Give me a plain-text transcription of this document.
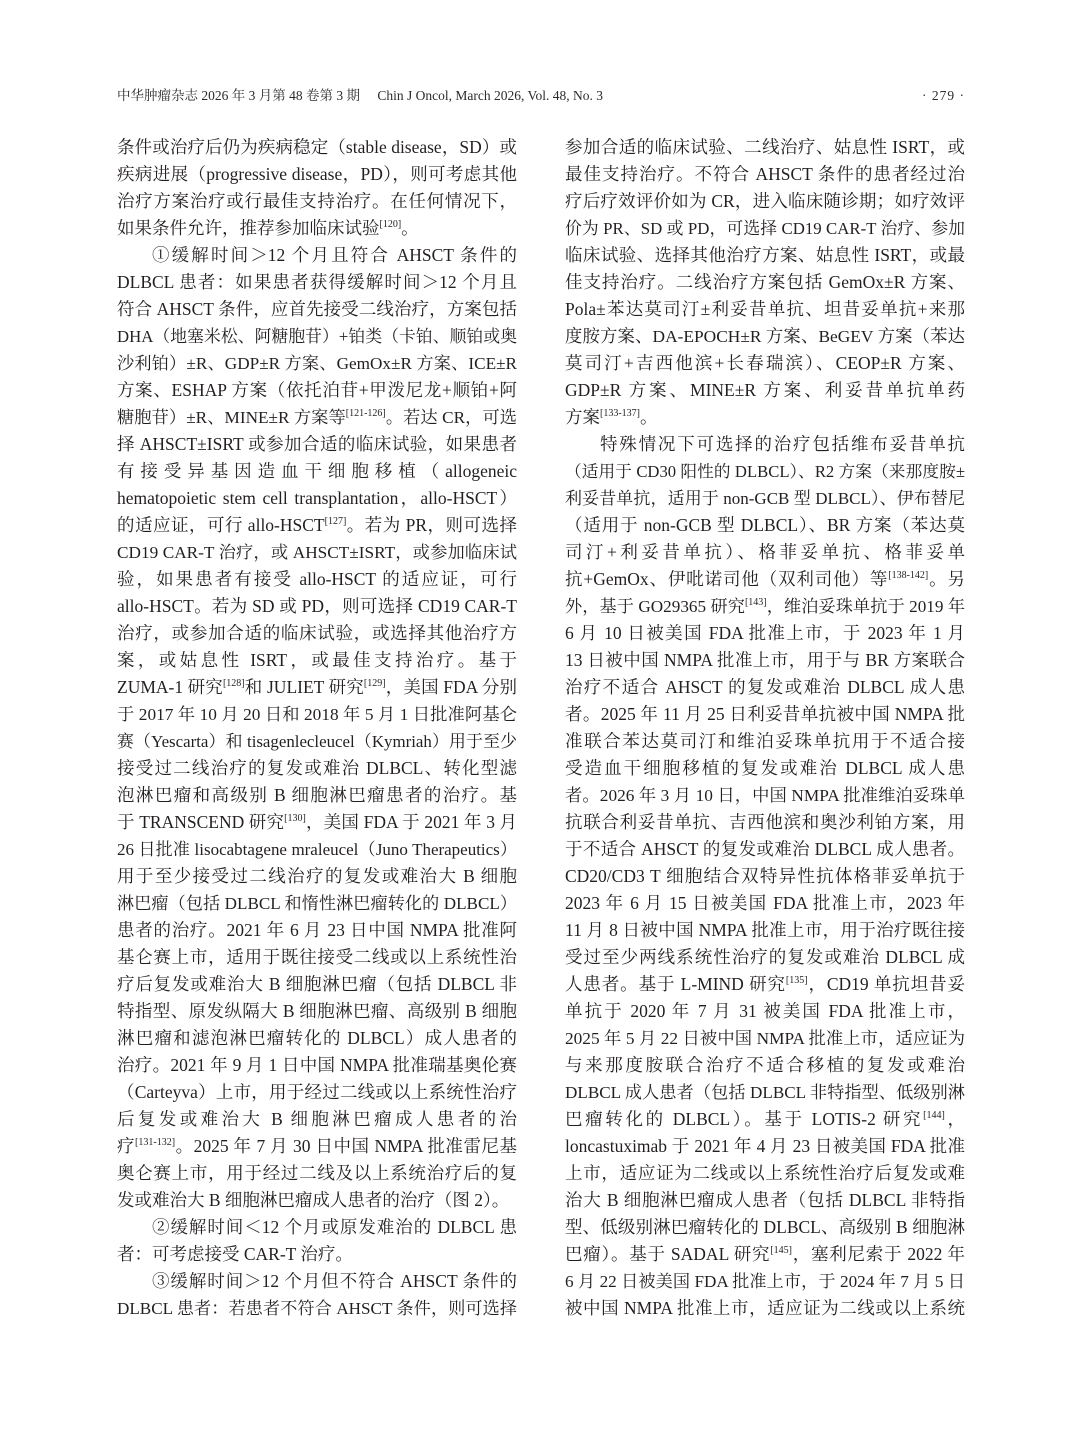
中华肿瘤杂志 2026 年 3 月第 48 卷第 3 期 Chin J Oncol, March 2026, Vol. 48, No. 3	· 279 ·
条件或治疗后仍为疾病稳定（stable disease，SD）或
疾病进展（progressive disease，PD），则可考虑其他
治疗方案治疗或行最佳支持治疗。在任何情况下，
如果条件允许，推荐参加临床试验[120]。
①缓解时间＞12 个月且符合 AHSCT 条件的
DLBCL 患者：如果患者获得缓解时间＞12 个月且
符合 AHSCT 条件，应首先接受二线治疗，方案包括
DHA（地塞米松、阿糖胞苷）+铂类（卡铂、顺铂或奥
沙利铂）±R、GDP±R 方案、GemOx±R 方案、ICE±R
方案、ESHAP 方案（依托泊苷+甲泼尼龙+顺铂+阿
糖胞苷）±R、MINE±R 方案等[121-126]。若达 CR，可选
择 AHSCT±ISRT 或参加合适的临床试验，如果患者
有接受异基因造血干细胞移植（allogeneic
hematopoietic stem cell transplantation，allo-HSCT）
的适应证，可行 allo-HSCT[127]。若为 PR，则可选择
CD19 CAR-T 治疗，或 AHSCT±ISRT，或参加临床试
验，如果患者有接受 allo-HSCT 的适应证，可行
allo-HSCT。若为 SD 或 PD，则可选择 CD19 CAR-T
治疗，或参加合适的临床试验，或选择其他治疗方
案，或姑息性 ISRT，或最佳支持治疗。基于
ZUMA-1 研究[128]和 JULIET 研究[129]，美国 FDA 分别
于 2017 年 10 月 20 日和 2018 年 5 月 1 日批准阿基仑
赛（Yescarta）和 tisagenlecleucel（Kymriah）用于至少
接受过二线治疗的复发或难治 DLBCL、转化型滤
泡淋巴瘤和高级别 B 细胞淋巴瘤患者的治疗。基
于 TRANSCEND 研究[130]，美国 FDA 于 2021 年 3 月
26 日批准 lisocabtagene mraleucel（Juno Therapeutics）
用于至少接受过二线治疗的复发或难治大 B 细胞
淋巴瘤（包括 DLBCL 和惰性淋巴瘤转化的 DLBCL）
患者的治疗。2021 年 6 月 23 日中国 NMPA 批准阿
基仑赛上市，适用于既往接受二线或以上系统性治
疗后复发或难治大 B 细胞淋巴瘤（包括 DLBCL 非
特指型、原发纵隔大 B 细胞淋巴瘤、高级别 B 细胞
淋巴瘤和滤泡淋巴瘤转化的 DLBCL）成人患者的
治疗。2021 年 9 月 1 日中国 NMPA 批准瑞基奥伦赛
（Carteyva）上市，用于经过二线或以上系统性治疗
后复发或难治大 B 细胞淋巴瘤成人患者的治
疗[131-132]。2025 年 7 月 30 日中国 NMPA 批准雷尼基
奥仑赛上市，用于经过二线及以上系统治疗后的复
发或难治大 B 细胞淋巴瘤成人患者的治疗（图 2）。
②缓解时间＜12 个月或原发难治的 DLBCL 患
者：可考虑接受 CAR-T 治疗。
③缓解时间＞12 个月但不符合 AHSCT 条件的
DLBCL 患者：若患者不符合 AHSCT 条件，则可选择
参加合适的临床试验、二线治疗、姑息性 ISRT，或
最佳支持治疗。不符合 AHSCT 条件的患者经过治
疗后疗效评价如为 CR，进入临床随诊期；如疗效评
价为 PR、SD 或 PD，可选择 CD19 CAR-T 治疗、参加
临床试验、选择其他治疗方案、姑息性 ISRT，或最
佳支持治疗。二线治疗方案包括 GemOx±R 方案、
Pola±苯达莫司汀±利妥昔单抗、坦昔妥单抗+来那
度胺方案、DA-EPOCH±R 方案、BeGEV 方案（苯达
莫司汀+吉西他滨+长春瑞滨）、CEOP±R 方案、
GDP±R 方案、MINE±R 方案、利妥昔单抗单药
方案[133-137]。
特殊情况下可选择的治疗包括维布妥昔单抗
（适用于 CD30 阳性的 DLBCL）、R2 方案（来那度胺±
利妥昔单抗，适用于 non-GCB 型 DLBCL）、伊布替尼
（适用于 non-GCB 型 DLBCL）、BR 方案（苯达莫
司汀+利妥昔单抗）、格菲妥单抗、格菲妥单
抗+GemOx、伊吡诺司他（双利司他）等[138-142]。另
外，基于 GO29365 研究[143]，维泊妥珠单抗于 2019 年
6 月 10 日被美国 FDA 批准上市，于 2023 年 1 月
13 日被中国 NMPA 批准上市，用于与 BR 方案联合
治疗不适合 AHSCT 的复发或难治 DLBCL 成人患
者。2025 年 11 月 25 日利妥昔单抗被中国 NMPA 批
准联合苯达莫司汀和维泊妥珠单抗用于不适合接
受造血干细胞移植的复发或难治 DLBCL 成人患
者。2026 年 3 月 10 日，中国 NMPA 批准维泊妥珠单
抗联合利妥昔单抗、吉西他滨和奥沙利铂方案，用
于不适合 AHSCT 的复发或难治 DLBCL 成人患者。
CD20/CD3 T 细胞结合双特异性抗体格菲妥单抗于
2023 年 6 月 15 日被美国 FDA 批准上市，2023 年
11 月 8 日被中国 NMPA 批准上市，用于治疗既往接
受过至少两线系统性治疗的复发或难治 DLBCL 成
人患者。基于 L-MIND 研究[135]，CD19 单抗坦昔妥
单抗于 2020 年 7 月 31 被美国 FDA 批准上市，
2025 年 5 月 22 日被中国 NMPA 批准上市，适应证为
与来那度胺联合治疗不适合移植的复发或难治
DLBCL 成人患者（包括 DLBCL 非特指型、低级别淋
巴瘤转化的 DLBCL）。基于 LOTIS-2 研究[144]，
loncastuximab 于 2021 年 4 月 23 日被美国 FDA 批准
上市，适应证为二线或以上系统性治疗后复发或难
治大 B 细胞淋巴瘤成人患者（包括 DLBCL 非特指
型、低级别淋巴瘤转化的 DLBCL、高级别 B 细胞淋
巴瘤）。基于 SADAL 研究[145]，塞利尼索于 2022 年
6 月 22 日被美国 FDA 批准上市，于 2024 年 7 月 5 日
被中国 NMPA 批准上市，适应证为二线或以上系统
